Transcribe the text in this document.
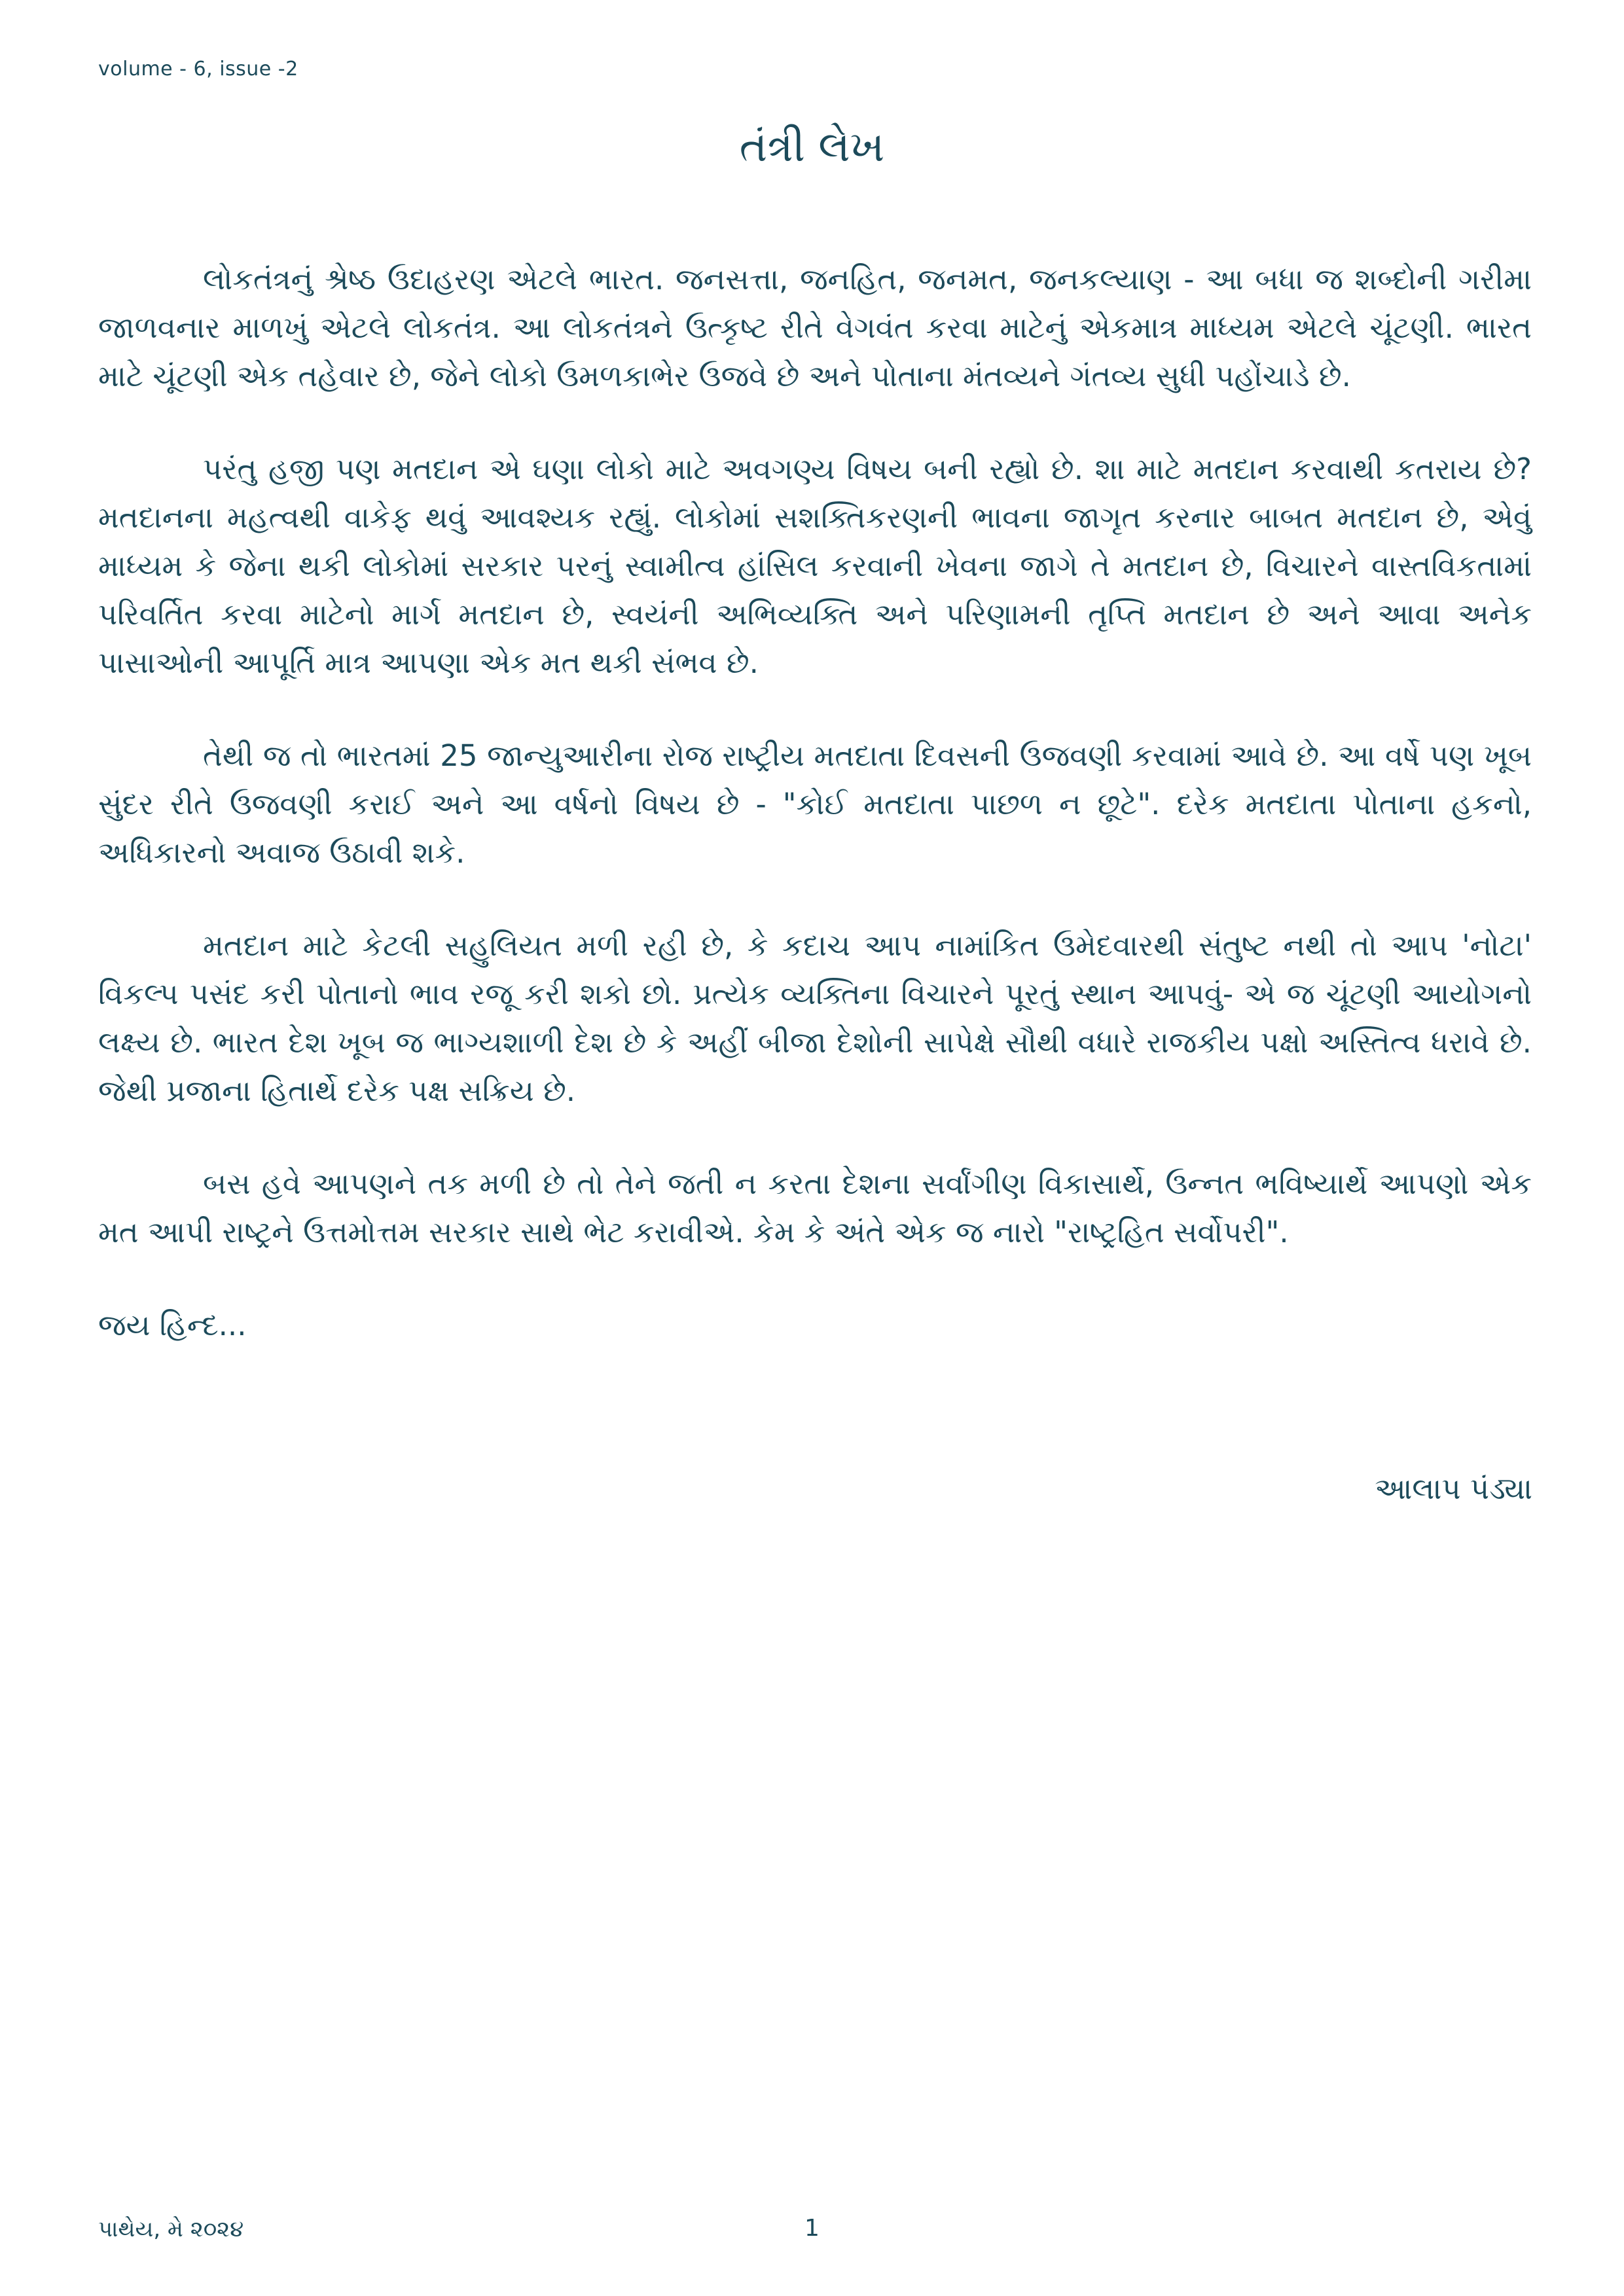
volume - 6, issue -2
તંત્રી લેખ

લોકતંત્રનું શ્રેષ્ઠ ઉદાહરણ એટલે ભારત. જનસત્તા, જનહિત, જનમત, જનકલ્યાણ - આ બધા જ શબ્દોની ગરીમા જાળવનાર માળખું એટલે લોકતંત્ર. આ લોકતંત્રને ઉત્કૃષ્ટ રીતે વેગવંત કરવા માટેનું એકમાત્ર માધ્યમ એટલે ચૂંટણી. ભારત માટે ચૂંટણી એક તહેવાર છે, જેને લોકો ઉમળકાભેર ઉજવે છે અને પોતાના મંતવ્યને ગંતવ્ય સુધી પહોંચાડે છે.

પરંતુ હજી પણ મતદાન એ ઘણા લોકો માટે અવગણ્ય વિષય બની રહ્યો છે. શા માટે મતદાન કરવાથી કતરાય છે? મતદાનના મહત્વથી વાકેફ થવું આવશ્યક રહ્યું. લોકોમાં સશક્તિકરણની ભાવના જાગૃત કરનાર બાબત મતદાન છે, એવું માધ્યમ કે જેના થકી લોકોમાં સરકાર પરનું સ્વામીત્વ હાંસિલ કરવાની ખેવના જાગે તે મતદાન છે, વિચારને વાસ્તવિકતામાં પરિવર્તિત કરવા માટેનો માર્ગ મતદાન છે, સ્વયંની અભિવ્યક્તિ અને પરિણામની તૃપ્તિ મતદાન છે અને આવા અનેક પાસાઓની આપૂર્તિ માત્ર આપણા એક મત થકી સંભવ છે.

તેથી જ તો ભારતમાં 25 જાન્યુઆરીના રોજ રાષ્ટ્રીય મતદાતા દિવસની ઉજવણી કરવામાં આવે છે. આ વર્ષે પણ ખૂબ સુંદર રીતે ઉજવણી કરાઈ અને આ વર્ષનો વિષય છે - "કોઈ મતદાતા પાછળ ન છૂટે". દરેક મતદાતા પોતાના હકનો, અધિકારનો અવાજ ઉઠાવી શકે.

મતદાન માટે કેટલી સહુલિયત મળી રહી છે, કે કદાચ આપ નામાંકિત ઉમેદવારથી સંતુષ્ટ નથી તો આપ 'નોટા' વિકલ્પ પસંદ કરી પોતાનો ભાવ રજૂ કરી શકો છો. પ્રત્યેક વ્યક્તિના વિચારને પૂરતું સ્થાન આપવું- એ જ ચૂંટણી આયોગનો લક્ષ્ય છે. ભારત દેશ ખૂબ જ ભાગ્યશાળી દેશ છે કે અહીં બીજા દેશોની સાપેક્ષે સૌથી વધારે રાજકીય પક્ષો અસ્તિત્વ ધરાવે છે. જેથી પ્રજાના હિતાર્થે દરેક પક્ષ સક્રિય છે.

બસ હવે આપણને તક મળી છે તો તેને જતી ન કરતા દેશના સર્વાંગીણ વિકાસાર્થે, ઉન્નત ભવિષ્યાર્થે આપણો એક મત આપી રાષ્ટ્રને ઉત્તમોત્તમ સરકાર સાથે ભેટ કરાવીએ. કેમ કે અંતે એક જ નારો "રાષ્ટ્રહિત સર્વોપરી".

જય હિન્દ...

આલાપ પંડ્યા
પાથેય, મે ૨૦૨૪	1
